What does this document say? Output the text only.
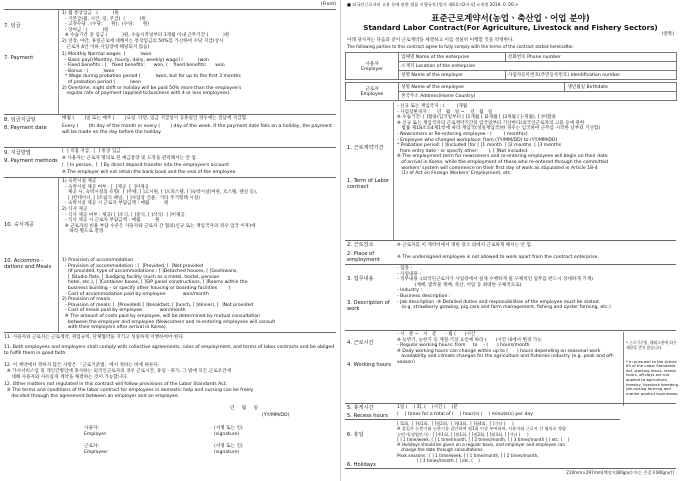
(Front)
7. 임금
7. Payment
1) 월 통상임금   (          )원
- 기본급(월, 시간, 일, 주급)  (          )원
- 고정수당 : (수당:      원),  (수당:      원)
- 상여금 : (          )원
※ 수습기간 중 임금 (          )원, 수습시작일부터 3개월 이내 근무기간 (          )원
2) 연장, 야간, 휴일근로에 대해서는 통상임금의 50%를 가산하여 수당 지급(상시
근로자 4인 이하 사업장에 해당되지 않음)
1) Monthly Normal wages  (          )won
- Basic pay[(Monthly, hourly, daily, weekly) wage] (          )won
- Fixed benefits : (    fixed benefits:      won, (    fixed benefits:      won
- Bonus : (          )won
* Wage during probation period (          )won, but for up to the first 3 months
of probation period (          )won
2) Overtime, night shift or holiday will be paid 50% more than the employee's
regular rate of payment (applied to business with 4 or less employees).
8. 임금지급일
8. Payment date
매월 (       )일 또는 매주 (       )요일. 다만, 임금 지급일이 공휴일인 경우에는 전날에 지급함.
Every (       )th day of the month or every (       ) day of the week. If the payment date falls on a holiday, the payment will be made on the day before the holiday.
9. 지급방법
9. Payment methods
[  ] 직접 지급,  [  ] 통장 입금
※ 사용자는 근로자 명의로 된 예금통장 및 도장을 관리해서는 안 됨.
[  ] In person,  [  ] By direct deposit transfer into the employee's account
※ The employer will not retain the bank book and the seal of the employee.
10. 숙식제공
10. Accommo -dations and Meals
1) 숙박시설 제공
- 숙박시설 제공 여부 : [  ]제공  [  ]미제공
제공 시, 숙박시설의 유형(  [ ]주택, [ ]고시원, [ ]오피스텔, [ ]숙박시설(여관, 호스텔, 펜션 등),
[ ]컨테이너, [ ]조립식 패널,  [ ]사업장 건물,  기타 주거형태 시설)
- 숙박시설 제공 시 근로자 부담금액 : 매월          원
2) 식사 제공
- 식사 제공 여부 : 제공( [ ]조식, [ ]중식, [ ]석식)  [ ]미제공
- 식사 제공 시 근로자 부담금액 : 매월          원
※ 근로자의 비용 부담 수준은 사용자와 근로자 간 협의(신규 또는 재입국자의 경우 입국 이후)에
따라 별도로 결정.
1) Provision of accommodation
- Provision of accommodation : [  ]Provided, [  ]Not provided
(If provided, type of accommodations : [ ]Detached houses, [ ]Goshiwans,
[ ]Studio flats, [ ]Lodging facility (such as a motel, hostel, pension
hotel, etc.), [ ]Container boxes, [ ]SIP panel constructions, [ ]Rooms within the
business building – or specify other housing or boarding facilities        )
- Cost of accommodation paid by employee:           won/month
2) Provision of meals
- Provision of meals: [  ]Provided( [ ]breakfast, [ ]lunch, [ ]dinner), [  ]Not provided
- Cost of meals paid by employee:           won/month
※ The amount of costs paid by employee, will be determined by mutual consultation
between the employer and employee (Newcomers and re-entering employees will consult
with their employers after arrival in Korea).
11. 사용자와 근로자는 근로계약, 취업규칙, 단체협약을 지키고 성실하게 이행하여야 한다.
11. Both employees and employers shall comply with collective agreements, rules of employment, and terms of labor contracts and be obliged to fulfill them in good faith.
12. 이 계약에서 정하지 않은 사항은 「근로기준법」에서 정하는 바에 따른다.
※ 가사서비스업 및 개인간병인에 종사하는 외국인근로자의 경우 근로시간, 휴일ㆍ휴가, 그 밖에 모든 근로조건에
대해 사용자와 자유롭게 계약을 체결하는 것이 가능합니다.
12. Other matters not regulated in this contract will follow provisions of the Labor Standards Act.
※ The terms and conditions of the labor contract for employees in domestic help and nursing can be freely
decided through the agreement between an employer and an employee.
년     월     일
(YY/MM/DD)
사용자:
Employer:
(서명 또는 인)
(signature)
근로자:
Employee:
(서명 또는 인)
(signature)
■ 외국인근로자의 고용 등에 관한 법률 시행규칙 [별지 제6호의2서식] <개정 2019. 0. 00.>
표준근로계약서(농업ㆍ축산업ㆍ어업 분야)
Standard Labor Contract(For Agriculture, Livestock and Fishery Sectors)
(앞쪽)
아래 당사자는 다음과 같이 근로계약을 체결하고 이를 성실히 이행할 것을 약정한다.
The following parties to this contract agree to fully comply with the terms of the contract stated hereinafter.
사용자
Employer	업체명 Name of the enterprise	전화번호 Phone number
	소재지 Location of the enterprise	
	성명 Name of the employer	사업자등록번호(주민등록번호) Identification number
근로자
Employee
	성명 Name of the employee	생년월일 Birthdate
본국주소 Address(Home Country)
1. 근로계약기간
1. Term of Labor contract
- 신규 또는 재입국자 : (        )개월
- 사업장변경자 :     년   월   일 ~    년   월   일
※ 수습기간: [ ]활용(입국일부터 [ ]1개월 [ ]2개월 [ ]3개월 [ ]-개월), [ ]미활용
※ 신규 또는 재입국자의 근로계약기간의 입국일부터 기산한다(외국인근로자의 고용 등에 관한
법률 제18조의4제1항에 따라 재입국(성실재입국)한 경우는 입국하여 근무를 시작한 날부터 기산함)
- Newcomers or Re-entering employee : (        ) month(s)
- Employee who changed workplace: from (YY/MM/DD) to (YY/MM/DD)
* Probation period: [ ]Included (for [ ]1 month  [ ]2 months  [ ]3 months
from entry date - or specify other:       ), [ ]Not included.
※ The employment term for newcomers and re-entering employees will begin on their date
of arrival in Korea, while the employment of those who re-entered through the committed
workers' system will commence on their first day of work as stipulated in Article 18-4
(1) of Act on Foreign Workers' Employment, etc.
2. 근로장소
2. Place of employment
※ 근로자를 이 계약서에서 정한 장소 외에서 근로하게 해서는 안 됨.
※ The undersigned employee is not allowed to work apart from the contract enterprise.
3. 업무내용
3. Description of work
- 업종 :
- 사업내용 :
- 직무내용 :(외국인근로자가 사업장에서 실제 수행하게 될 구체적인 업무를 반드시 상세하게 기재)
(재배, 밭작물 재배, 축산, 어업 등 최대한 구체적으로)
- Industry :
- Business description :
- Job description :※ Detailed duties and responsibilities of the employee must be stated.
(e.g. strawberry growing, pig care and farm management, fishing and oyster farming, etc.)
4. 근로시간
4. Working hours
- 시   분 ~   시   분      - 월 (      )시간
※ 농번기, 농한기 등 계절·기상 요인에 따라 (      )시간 내에서 변경 가능
- Regular working hours: from     to    - (      ) hours/month
※ Daily working hours can change within up to (      ) hours depending on seasonal work
availability and climate changes for the agriculture and fisheries industry (e.g. peak and off-season)

* 근로기준법, 해외고용에 따른 제한을 받지 않습니다.

* In pursuant to the Article 63 of the Labor Standards Act, working hours, recess hours, off-days are not applied to agriculture, forestry, livestock breeding, silk-raising farming and marine product businesses.

5. 휴게시간
5. Recess hours
1일 (    ) 회, (    )시간 (    )분
(    ) times for a total of (    ) hour(s) (    ) minute(s) per day
6. 휴일
6. Holidays
[ ]1회,  [ ]월1회,  [ ]월2회,  [ ]월3회,  [ ]월4회,  [ ]기타 (     )
※ 휴일은 농번기와 농한기를 감안하여 월1회 이상 부여하며, 사용자와 근로자 간 협의로 정함
농번기(생업안시) : [ ]주1회, [ ]월1회, [ ]월2회, [ ]월3회, [ ]기타 (     )
[ ] 1 time/week, [ ] 1 time/month, [ ] 2 times/month, [ ] 3 times/month [ ] etc. (    )
※ Holidays should be given on a regular basis, and employer and employee can
change the date through consultations.
Peak seasons : [ ] 1 time/week, [ ] 1 time/month, [ ] 2 times/month,
[ ] 3 times/month, [ ] etc. (    )
210mm×297mm[백상지(80g/㎡) 또는 중질지(80g/㎡)]
